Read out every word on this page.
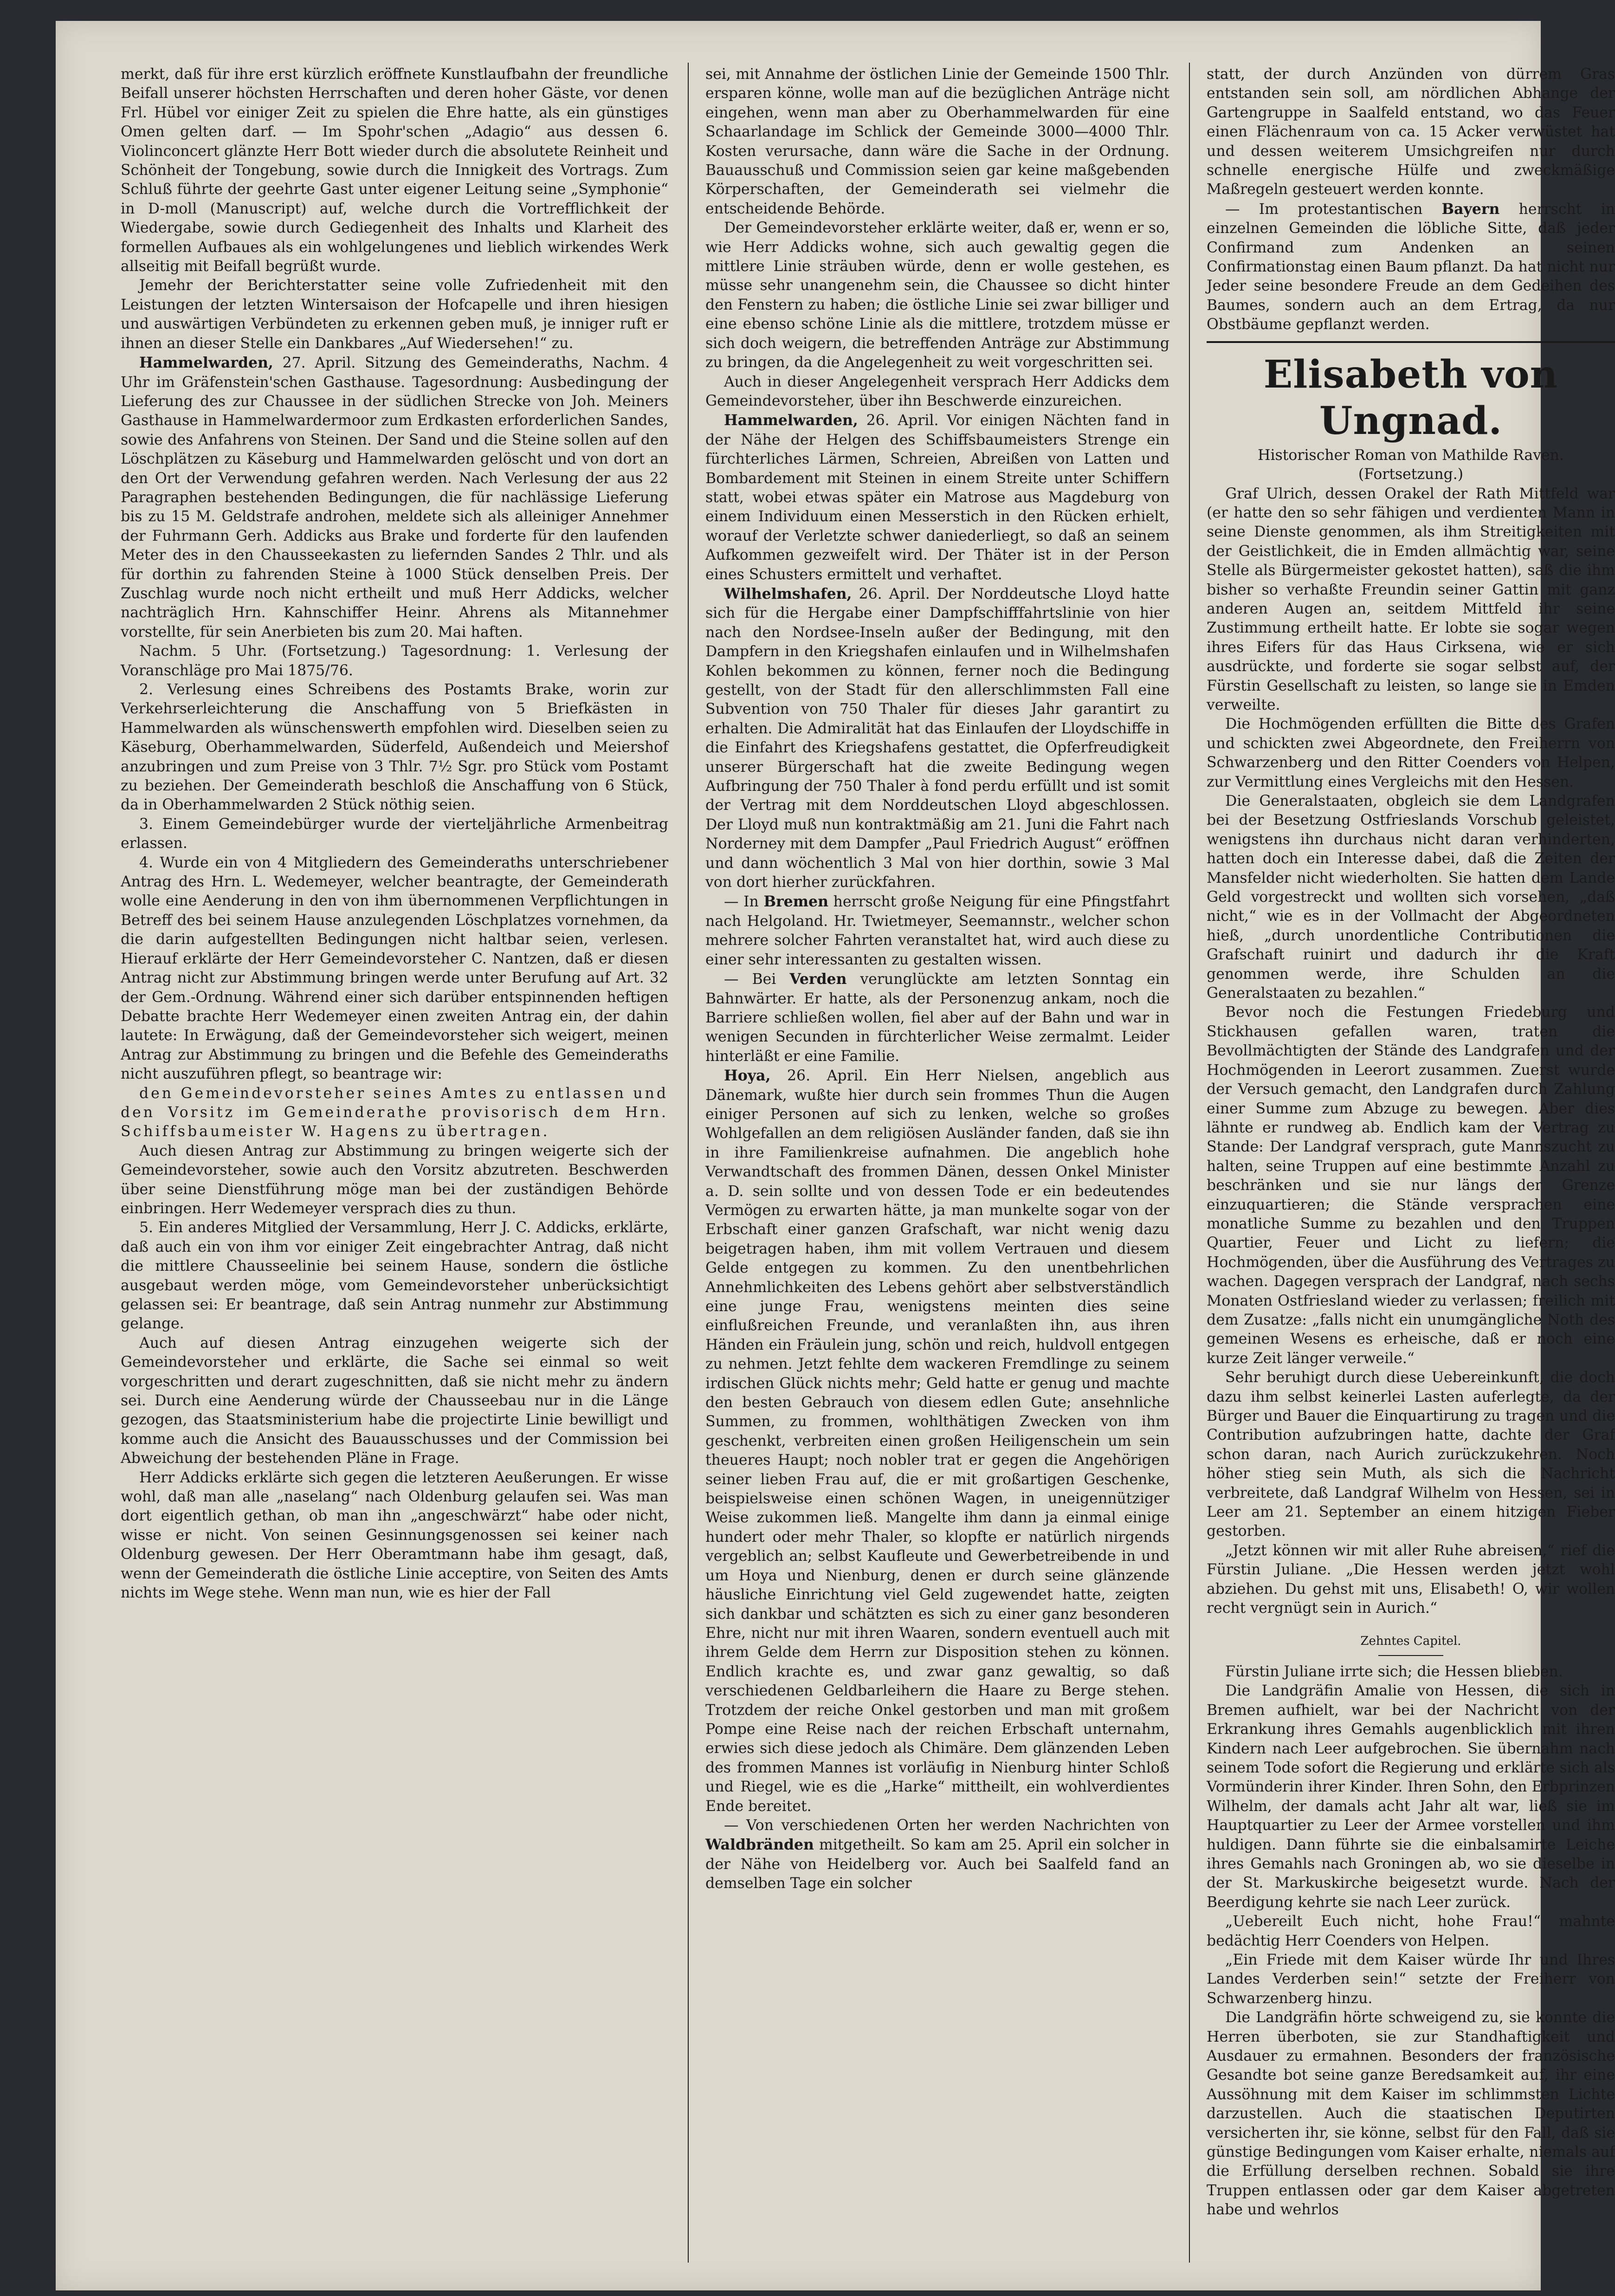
merkt, daß für ihre erst kürzlich eröffnete Kunstlaufbahn der freundliche Beifall unserer höchsten Herrschaften und deren hoher Gäste, vor denen Frl. Hübel vor einiger Zeit zu spielen die Ehre hatte, als ein günstiges Omen gelten darf. — Im Spohr'schen „Adagio“ aus dessen 6. Violinconcert glänzte Herr Bott wieder durch die absolutete Reinheit und Schönheit der Tongebung, sowie durch die Innigkeit des Vortrags. Zum Schluß führte der geehrte Gast unter eigener Leitung seine „Symphonie“ in D-moll (Manuscript) auf, welche durch die Vortrefflichkeit der Wiedergabe, sowie durch Gediegenheit des Inhalts und Klarheit des formellen Aufbaues als ein wohlgelungenes und lieblich wirkendes Werk allseitig mit Beifall begrüßt wurde.

Jemehr der Berichterstatter seine volle Zufriedenheit mit den Leistungen der letzten Wintersaison der Hofcapelle und ihren hiesigen und auswärtigen Verbündeten zu erkennen geben muß, je inniger ruft er ihnen an dieser Stelle ein Dankbares „Auf Wiedersehen!“ zu.

Hammelwarden, 27. April. Sitzung des Gemeinderaths, Nachm. 4 Uhr im Gräfenstein'schen Gasthause. Tagesordnung: Ausbedingung der Lieferung des zur Chaussee in der südlichen Strecke von Joh. Meiners Gasthause in Hammelwardermoor zum Erdkasten erforderlichen Sandes, sowie des Anfahrens von Steinen. Der Sand und die Steine sollen auf den Löschplätzen zu Käseburg und Hammelwarden gelöscht und von dort an den Ort der Verwendung gefahren werden. Nach Verlesung der aus 22 Paragraphen bestehenden Bedingungen, die für nachlässige Lieferung bis zu 15 M. Geldstrafe androhen, meldete sich als alleiniger Annehmer der Fuhrmann Gerh. Addicks aus Brake und forderte für den laufenden Meter des in den Chausseekasten zu liefernden Sandes 2 Thlr. und als für dorthin zu fahrenden Steine à 1000 Stück denselben Preis. Der Zuschlag wurde noch nicht ertheilt und muß Herr Addicks, welcher nachträglich Hrn. Kahnschiffer Heinr. Ahrens als Mitannehmer vorstellte, für sein Anerbieten bis zum 20. Mai haften.

Nachm. 5 Uhr. (Fortsetzung.) Tagesordnung: 1. Verlesung der Voranschläge pro Mai 1875/76.

2. Verlesung eines Schreibens des Postamts Brake, worin zur Verkehrserleichterung die Anschaffung von 5 Briefkästen in Hammelwarden als wünschenswerth empfohlen wird. Dieselben seien zu Käseburg, Oberhammelwarden, Süderfeld, Außendeich und Meiershof anzubringen und zum Preise von 3 Thlr. 7½ Sgr. pro Stück vom Postamt zu beziehen. Der Gemeinderath beschloß die Anschaffung von 6 Stück, da in Oberhammelwarden 2 Stück nöthig seien.

3. Einem Gemeindebürger wurde der vierteljährliche Armenbeitrag erlassen.

4. Wurde ein von 4 Mitgliedern des Gemeinderaths unterschriebener Antrag des Hrn. L. Wedemeyer, welcher beantragte, der Gemeinderath wolle eine Aenderung in den von ihm übernommenen Verpflichtungen in Betreff des bei seinem Hause anzulegenden Löschplatzes vornehmen, da die darin aufgestellten Bedingungen nicht haltbar seien, verlesen. Hierauf erklärte der Herr Gemeindevorsteher C. Nantzen, daß er diesen Antrag nicht zur Abstimmung bringen werde unter Berufung auf Art. 32 der Gem.-Ordnung. Während einer sich darüber entspinnenden heftigen Debatte brachte Herr Wedemeyer einen zweiten Antrag ein, der dahin lautete: In Erwägung, daß der Gemeindevorsteher sich weigert, meinen Antrag zur Abstimmung zu bringen und die Befehle des Gemeinderaths nicht auszuführen pflegt, so beantrage wir:

den Gemeindevorsteher seines Amtes zu entlassen und den Vorsitz im Gemeinderathe provisorisch dem Hrn. Schiffsbaumeister W. Hagens zu übertragen.

Auch diesen Antrag zur Abstimmung zu bringen weigerte sich der Gemeindevorsteher, sowie auch den Vorsitz abzutreten. Beschwerden über seine Dienstführung möge man bei der zuständigen Behörde einbringen. Herr Wedemeyer versprach dies zu thun.

5. Ein anderes Mitglied der Versammlung, Herr J. C. Addicks, erklärte, daß auch ein von ihm vor einiger Zeit eingebrachter Antrag, daß nicht die mittlere Chausseelinie bei seinem Hause, sondern die östliche ausgebaut werden möge, vom Gemeindevorsteher unberücksichtigt gelassen sei: Er beantrage, daß sein Antrag nunmehr zur Abstimmung gelange.

Auch auf diesen Antrag einzugehen weigerte sich der Gemeindevorsteher und erklärte, die Sache sei einmal so weit vorgeschritten und derart zugeschnitten, daß sie nicht mehr zu ändern sei. Durch eine Aenderung würde der Chausseebau nur in die Länge gezogen, das Staatsministerium habe die projectirte Linie bewilligt und komme auch die Ansicht des Bauausschusses und der Commission bei Abweichung der bestehenden Pläne in Frage.

Herr Addicks erklärte sich gegen die letzteren Aeußerungen. Er wisse wohl, daß man alle „naselang“ nach Oldenburg gelaufen sei. Was man dort eigentlich gethan, ob man ihn „angeschwärzt“ habe oder nicht, wisse er nicht. Von seinen Gesinnungsgenossen sei keiner nach Oldenburg gewesen. Der Herr Oberamtmann habe ihm gesagt, daß, wenn der Gemeinderath die östliche Linie acceptire, von Seiten des Amts nichts im Wege stehe. Wenn man nun, wie es hier der Fall

sei, mit Annahme der östlichen Linie der Gemeinde 1500 Thlr. ersparen könne, wolle man auf die bezüglichen Anträge nicht eingehen, wenn man aber zu Oberhammelwarden für eine Schaarlandage im Schlick der Gemeinde 3000—4000 Thlr. Kosten verursache, dann wäre die Sache in der Ordnung. Bauausschuß und Commission seien gar keine maßgebenden Körperschaften, der Gemeinderath sei vielmehr die entscheidende Behörde.

Der Gemeindevorsteher erklärte weiter, daß er, wenn er so, wie Herr Addicks wohne, sich auch gewaltig gegen die mittlere Linie sträuben würde, denn er wolle gestehen, es müsse sehr unangenehm sein, die Chaussee so dicht hinter den Fenstern zu haben; die östliche Linie sei zwar billiger und eine ebenso schöne Linie als die mittlere, trotzdem müsse er sich doch weigern, die betreffenden Anträge zur Abstimmung zu bringen, da die Angelegenheit zu weit vorgeschritten sei.

Auch in dieser Angelegenheit versprach Herr Addicks dem Gemeindevorsteher, über ihn Beschwerde einzureichen.

Hammelwarden, 26. April. Vor einigen Nächten fand in der Nähe der Helgen des Schiffsbaumeisters Strenge ein fürchterliches Lärmen, Schreien, Abreißen von Latten und Bombardement mit Steinen in einem Streite unter Schiffern statt, wobei etwas später ein Matrose aus Magdeburg von einem Individuum einen Messerstich in den Rücken erhielt, worauf der Verletzte schwer daniederliegt, so daß an seinem Aufkommen gezweifelt wird. Der Thäter ist in der Person eines Schusters ermittelt und verhaftet.

Wilhelmshafen, 26. April. Der Norddeutsche Lloyd hatte sich für die Hergabe einer Dampfschifffahrtslinie von hier nach den Nordsee-Inseln außer der Bedingung, mit den Dampfern in den Kriegshafen einlaufen und in Wilhelmshafen Kohlen bekommen zu können, ferner noch die Bedingung gestellt, von der Stadt für den allerschlimmsten Fall eine Subvention von 750 Thaler für dieses Jahr garantirt zu erhalten. Die Admiralität hat das Einlaufen der Lloydschiffe in die Einfahrt des Kriegshafens gestattet, die Opferfreudigkeit unserer Bürgerschaft hat die zweite Bedingung wegen Aufbringung der 750 Thaler à fond perdu erfüllt und ist somit der Vertrag mit dem Norddeutschen Lloyd abgeschlossen. Der Lloyd muß nun kontraktmäßig am 21. Juni die Fahrt nach Norderney mit dem Dampfer „Paul Friedrich August“ eröffnen und dann wöchentlich 3 Mal von hier dorthin, sowie 3 Mal von dort hierher zurückfahren.

— In Bremen herrscht große Neigung für eine Pfingstfahrt nach Helgoland. Hr. Twietmeyer, Seemannstr., welcher schon mehrere solcher Fahrten veranstaltet hat, wird auch diese zu einer sehr interessanten zu gestalten wissen.

— Bei Verden verunglückte am letzten Sonntag ein Bahnwärter. Er hatte, als der Personenzug ankam, noch die Barriere schließen wollen, fiel aber auf der Bahn und war in wenigen Secunden in fürchterlicher Weise zermalmt. Leider hinterläßt er eine Familie.

Hoya, 26. April. Ein Herr Nielsen, angeblich aus Dänemark, wußte hier durch sein frommes Thun die Augen einiger Personen auf sich zu lenken, welche so großes Wohlgefallen an dem religiösen Ausländer fanden, daß sie ihn in ihre Familienkreise aufnahmen. Die angeblich hohe Verwandtschaft des frommen Dänen, dessen Onkel Minister a. D. sein sollte und von dessen Tode er ein bedeutendes Vermögen zu erwarten hätte, ja man munkelte sogar von der Erbschaft einer ganzen Grafschaft, war nicht wenig dazu beigetragen haben, ihm mit vollem Vertrauen und diesem Gelde entgegen zu kommen. Zu den unentbehrlichen Annehmlichkeiten des Lebens gehört aber selbstverständlich eine junge Frau, wenigstens meinten dies seine einflußreichen Freunde, und veranlaßten ihn, aus ihren Händen ein Fräulein jung, schön und reich, huldvoll entgegen zu nehmen. Jetzt fehlte dem wackeren Fremdlinge zu seinem irdischen Glück nichts mehr; Geld hatte er genug und machte den besten Gebrauch von diesem edlen Gute; ansehnliche Summen, zu frommen, wohlthätigen Zwecken von ihm geschenkt, verbreiten einen großen Heiligenschein um sein theueres Haupt; noch nobler trat er gegen die Angehörigen seiner lieben Frau auf, die er mit großartigen Geschenke, beispielsweise einen schönen Wagen, in uneigennütziger Weise zukommen ließ. Mangelte ihm dann ja einmal einige hundert oder mehr Thaler, so klopfte er natürlich nirgends vergeblich an; selbst Kaufleute und Gewerbetreibende in und um Hoya und Nienburg, denen er durch seine glänzende häusliche Einrichtung viel Geld zugewendet hatte, zeigten sich dankbar und schätzten es sich zu einer ganz besonderen Ehre, nicht nur mit ihren Waaren, sondern eventuell auch mit ihrem Gelde dem Herrn zur Disposition stehen zu können. Endlich krachte es, und zwar ganz gewaltig, so daß verschiedenen Geldbarleihern die Haare zu Berge stehen. Trotzdem der reiche Onkel gestorben und man mit großem Pompe eine Reise nach der reichen Erbschaft unternahm, erwies sich diese jedoch als Chimäre. Dem glänzenden Leben des frommen Mannes ist vorläufig in Nienburg hinter Schloß und Riegel, wie es die „Harke“ mittheilt, ein wohlverdientes Ende bereitet.

— Von verschiedenen Orten her werden Nachrichten von Waldbränden mitgetheilt. So kam am 25. April ein solcher in der Nähe von Heidelberg vor. Auch bei Saalfeld fand an demselben Tage ein solcher

statt, der durch Anzünden von dürrem Gras entstanden sein soll, am nördlichen Abhange der Gartengruppe in Saalfeld entstand, wo das Feuer einen Flächenraum von ca. 15 Acker verwüstet hat und dessen weiterem Umsichgreifen nur durch schnelle energische Hülfe und zweckmäßige Maßregeln gesteuert werden konnte.

— Im protestantischen Bayern herrscht in einzelnen Gemeinden die löbliche Sitte, daß jeder Confirmand zum Andenken an seinen Confirmationstag einen Baum pflanzt. Da hat nicht nur Jeder seine besondere Freude an dem Gedeihen des Baumes, sondern auch an dem Ertrag, da nur Obstbäume gepflanzt werden.

Elisabeth von Ungnad.
Historischer Roman von Mathilde Raven.
(Fortsetzung.)

Graf Ulrich, dessen Orakel der Rath Mittfeld war (er hatte den so sehr fähigen und verdienten Mann in seine Dienste genommen, als ihm Streitigkeiten mit der Geistlichkeit, die in Emden allmächtig war, seine Stelle als Bürgermeister gekostet hatten), saß die ihm bisher so verhaßte Freundin seiner Gattin mit ganz anderen Augen an, seitdem Mittfeld ihr seine Zustimmung ertheilt hatte. Er lobte sie sogar wegen ihres Eifers für das Haus Cirksena, wie er sich ausdrückte, und forderte sie sogar selbst auf, der Fürstin Gesellschaft zu leisten, so lange sie in Emden verweilte.

Die Hochmögenden erfüllten die Bitte des Grafen und schickten zwei Abgeordnete, den Freiherrn von Schwarzenberg und den Ritter Coenders von Helpen, zur Vermittlung eines Vergleichs mit den Hessen.

Die Generalstaaten, obgleich sie dem Landgrafen bei der Besetzung Ostfrieslands Vorschub geleistet, wenigstens ihn durchaus nicht daran verhinderten, hatten doch ein Interesse dabei, daß die Zeiten der Mansfelder nicht wiederholten. Sie hatten dem Lande Geld vorgestreckt und wollten sich vorsehen, „daß nicht,“ wie es in der Vollmacht der Abgeordneten hieß, „durch unordentliche Contributionen die Grafschaft ruinirt und dadurch ihr die Kraft genommen werde, ihre Schulden an die Generalstaaten zu bezahlen.“

Bevor noch die Festungen Friedeburg und Stickhausen gefallen waren, traten die Bevollmächtigten der Stände des Landgrafen und der Hochmögenden in Leerort zusammen. Zuerst wurde der Versuch gemacht, den Landgrafen durch Zahlung einer Summe zum Abzuge zu bewegen. Aber dies lähnte er rundweg ab. Endlich kam der Vertrag zu Stande: Der Landgraf versprach, gute Mannszucht zu halten, seine Truppen auf eine bestimmte Anzahl zu beschränken und sie nur längs der Grenze einzuquartieren; die Stände versprachen eine monatliche Summe zu bezahlen und den Truppen Quartier, Feuer und Licht zu liefern; die Hochmögenden, über die Ausführung des Vertrages zu wachen. Dagegen versprach der Landgraf, nach sechs Monaten Ostfriesland wieder zu verlassen; freilich mit dem Zusatze: „falls nicht ein unumgängliche Noth des gemeinen Wesens es erheische, daß er noch eine kurze Zeit länger verweile.“

Sehr beruhigt durch diese Uebereinkunft, die doch dazu ihm selbst keinerlei Lasten auferlegte, da der Bürger und Bauer die Einquartirung zu tragen und die Contribution aufzubringen hatte, dachte der Graf schon daran, nach Aurich zurückzukehren. Noch höher stieg sein Muth, als sich die Nachricht verbreitete, daß Landgraf Wilhelm von Hessen, sei in Leer am 21. September an einem hitzigen Fieber gestorben.

„Jetzt können wir mit aller Ruhe abreisen,“ rief die Fürstin Juliane. „Die Hessen werden jetzt wohl abziehen. Du gehst mit uns, Elisabeth! O, wir wollen recht vergnügt sein in Aurich.“

Zehntes Capitel.

Fürstin Juliane irrte sich; die Hessen blieben.

Die Landgräfin Amalie von Hessen, die sich in Bremen aufhielt, war bei der Nachricht von der Erkrankung ihres Gemahls augenblicklich mit ihren Kindern nach Leer aufgebrochen. Sie übernahm nach seinem Tode sofort die Regierung und erklärte sich als Vormünderin ihrer Kinder. Ihren Sohn, den Erbprinzen Wilhelm, der damals acht Jahr alt war, ließ sie im Hauptquartier zu Leer der Armee vorstellen und ihm huldigen. Dann führte sie die einbalsamirte Leiche ihres Gemahls nach Groningen ab, wo sie dieselbe in der St. Markuskirche beigesetzt wurde. Nach der Beerdigung kehrte sie nach Leer zurück.

„Uebereilt Euch nicht, hohe Frau!“ mahnte bedächtig Herr Coenders von Helpen.

„Ein Friede mit dem Kaiser würde Ihr und Ihres Landes Verderben sein!“ setzte der Freiherr von Schwarzenberg hinzu.

Die Landgräfin hörte schweigend zu, sie konnte die Herren überboten, sie zur Standhaftigkeit und Ausdauer zu ermahnen. Besonders der französische Gesandte bot seine ganze Beredsamkeit auf, ihr eine Aussöhnung mit dem Kaiser im schlimmsten Lichte darzustellen. Auch die staatischen Deputirten versicherten ihr, sie könne, selbst für den Fall, daß sie günstige Bedingungen vom Kaiser erhalte, niemals auf die Erfüllung derselben rechnen. Sobald sie ihre Truppen entlassen oder gar dem Kaiser abgetreten habe und wehrlos
